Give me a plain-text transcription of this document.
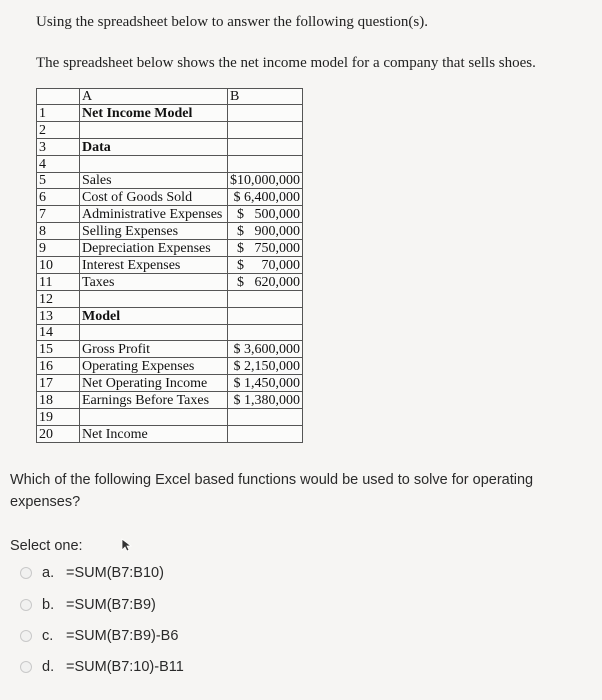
Using the spreadsheet below to answer the following question(s).
The spreadsheet below shows the net income model for a company that sells shoes.
	A	B
1	Net Income Model	
2		
3	Data	
4		
5	Sales	$10,000,000
6	Cost of Goods Sold	$ 6,400,000
7	Administrative Expenses	$   500,000
8	Selling Expenses	$   900,000
9	Depreciation Expenses	$   750,000
10	Interest Expenses	$     70,000
11	Taxes	$   620,000
12		
13	Model	
14		
15	Gross Profit	$ 3,600,000
16	Operating Expenses	$ 2,150,000
17	Net Operating Income	$ 1,450,000
18	Earnings Before Taxes	$ 1,380,000
19		
20	Net Income	
Which of the following Excel based functions would be used to solve for operating expenses?
Select one:
a. =SUM(B7:B10)
b. =SUM(B7:B9)
c. =SUM(B7:B9)-B6
d. =SUM(B7:10)-B11
